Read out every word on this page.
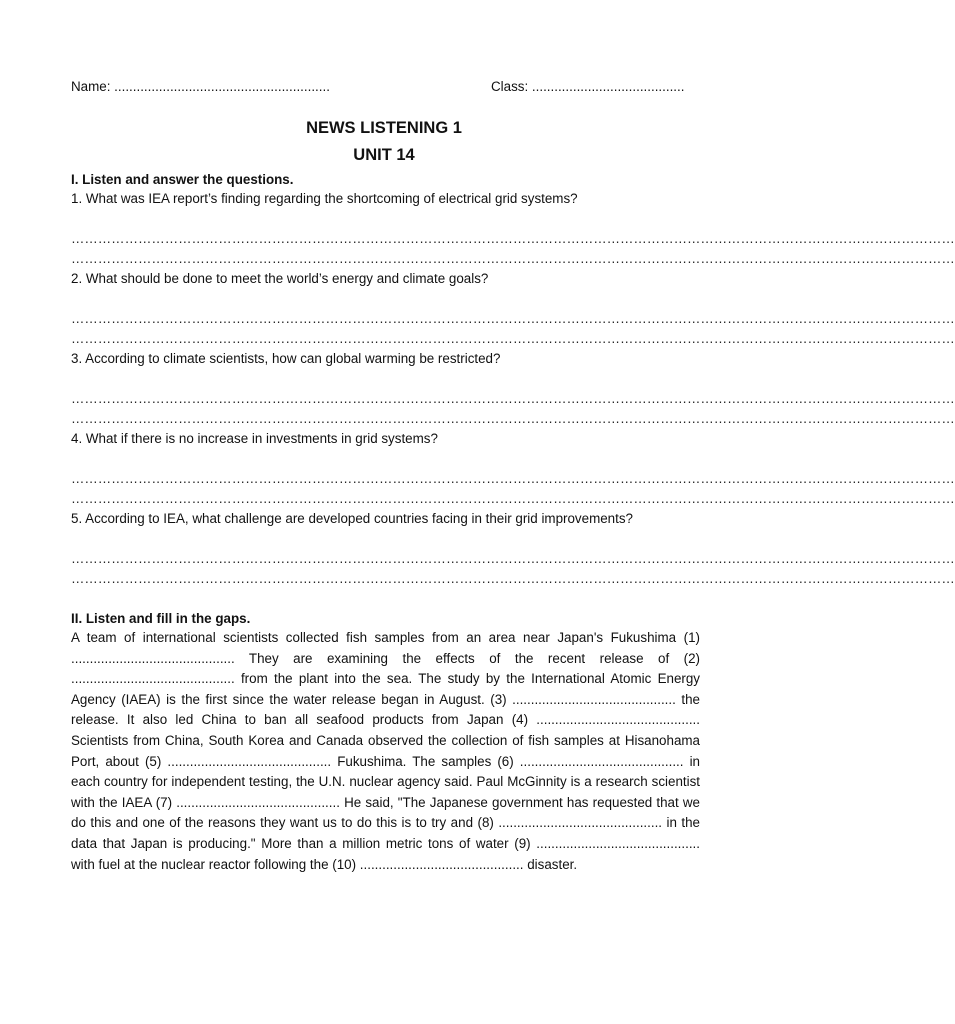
Name: ..........................................................	Class: .........................................
NEWS LISTENING 1
UNIT 14
I. Listen and answer the questions.
1. What was IEA report’s finding regarding the shortcoming of electrical grid systems?
………………………………………………………………………………………………………………………………………………………………………………
………………………………………………………………………………………………………………………………………………………………………………
2. What should be done to meet the world’s energy and climate goals?
………………………………………………………………………………………………………………………………………………………………………………
………………………………………………………………………………………………………………………………………………………………………………
3. According to climate scientists, how can global warming be restricted?
………………………………………………………………………………………………………………………………………………………………………………
………………………………………………………………………………………………………………………………………………………………………………
4. What if there is no increase in investments in grid systems?
………………………………………………………………………………………………………………………………………………………………………………
………………………………………………………………………………………………………………………………………………………………………………
5. According to IEA, what challenge are developed countries facing in their grid improvements?
………………………………………………………………………………………………………………………………………………………………………………
………………………………………………………………………………………………………………………………………………………………………………
II. Listen and fill in the gaps.

A team of international scientists collected fish samples from an area near Japan's Fukushima (1) ............................................ They are examining the effects of the recent release of (2) ............................................ from the plant into the sea. The study by the International Atomic Energy Agency (IAEA) is the first since the water release began in August. (3) ............................................ the release. It also led China to ban all seafood products from Japan (4) ............................................ Scientists from China, South Korea and Canada observed the collection of fish samples at Hisanohama Port, about (5) ............................................ Fukushima. The samples (6) ............................................ in each country for independent testing, the U.N. nuclear agency said. Paul McGinnity is a research scientist with the IAEA (7) ............................................ He said, "The Japanese government has requested that we do this and one of the reasons they want us to do this is to try and (8) ............................................ in the data that Japan is producing." More than a million metric tons of water (9) ............................................ with fuel at the nuclear reactor following the (10) ............................................ disaster.
